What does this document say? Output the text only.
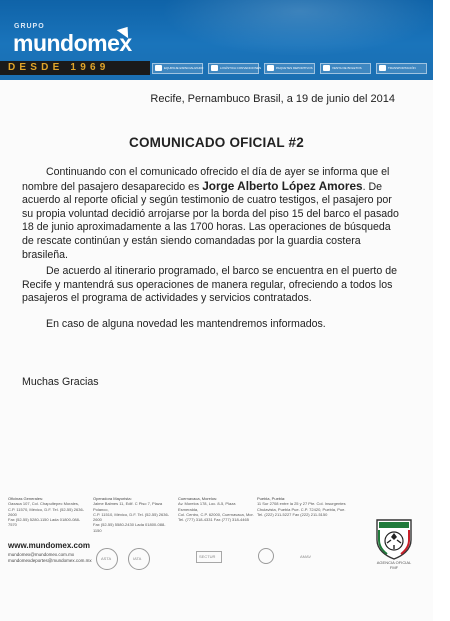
GRUPO
mundomex
DESDE 1969	EQUIPAJE ESPECIALIZADO	LOGÍSTICA CONVENCIONES	PAQUETES DEPORTIVOS	VENTA DE BOLETOS	TRANSPORTACIÓN
Recife, Pernambuco Brasil, a 19 de junio del 2014
COMUNICADO OFICIAL #2
Continuando con el comunicado ofrecido el día de ayer se informa que el nombre del pasajero desaparecido es Jorge Alberto López Amores. De acuerdo al reporte oficial y según testimonio de cuatro testigos, el pasajero por su propia voluntad decidió arrojarse por la borda del piso 15 del barco el pasado 18 de junio aproximadamente a las 1700 horas. Las operaciones de búsqueda de rescate continúan y están siendo comandadas por la guardia costera brasileña.
De acuerdo al itinerario programado, el barco se encuentra en el puerto de Recife y mantendrá sus operaciones de manera regular, ofreciendo a todos los pasajeros el programa de actividades y servicios contratados.
En caso de alguna novedad les mantendremos informados.
Muchas Gracias
Oficinas Generales:
Oaxaca 107, Col. Chapultepec Morales,
C.P. 11570, México, D.F. Tel. (52-55) 2636-2600
Fax (52-55) 5280-1150 Lada 01800-088-7570
Operadora Mayorista:
Jaime Balmes 11, Edif. C Piso 7, Plaza Polanco,
C.P. 11510, México, D.F. Tel. (52-55) 2636-2600
Fax (52-55) 5580-2430 Lada 01800-088-1150
Cuernavaca, Morelos:
Av. Morelos 178, Loc. 8-5, Plaza Esmeralda,
Col. Centro, C.P. 62000, Cuernavaca, Mor.
Tel. (777) 318-4331 Fax (777) 318-4465
Puebla, Puebla:
11 Sur 2708 entre la 25 y 27 Pte. Col. Insurgentes
Chulavista, Puebla Pue. C.P. 72420, Puebla, Pue.
Tel. (222) 211-5227 Fax (222) 211-5150
www.mundomex.com
mundomex@mundomex.com.mx
mundomexdeportes@mundomex.com.mx ASTA	IATA	SECTUR	AMAV
AGENCIA OFICIAL
FMF
